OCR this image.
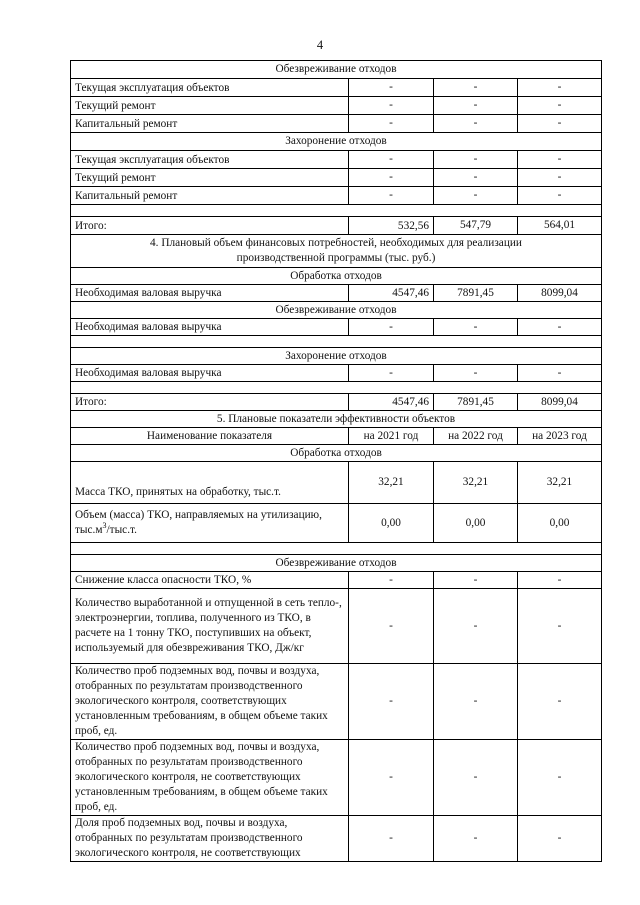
4
Обезвреживание отходов			
Текущая эксплуатация объектов	-	-	-
Текущий ремонт	-	-	-
Капитальный ремонт	-	-	-
Захоронение отходов			
Текущая эксплуатация объектов	-	-	-
Текущий ремонт	-	-	-
Капитальный ремонт	-	-	-

Итого:	532,56	547,79	564,01
4. Плановый объем финансовых потребностей, необходимых для реализации производственной программы (тыс. руб.)			
Обработка отходов			
Необходимая валовая выручка	4547,46	7891,45	8099,04
Обезвреживание отходов			
Необходимая валовая выручка	-	-	-

Захоронение отходов			
Необходимая валовая выручка	-	-	-

Итого:	4547,46	7891,45	8099,04
5. Плановые показатели эффективности объектов			
Наименование показателя	на 2021 год	на 2022 год	на 2023 год
Обработка отходов			
Масса ТКО, принятых на обработку, тыс.т.	32,21	32,21	32,21
Объем (масса) ТКО, направляемых на утилизацию, $тыс.м^3/тыс.т$.	0,00	0,00	0,00

Обезвреживание отходов			
Снижение класса опасности ТКО, %	-	-	-
Количество выработанной и отпущенной в сеть тепло-, электроэнергии, топлива, полученного из ТКО, в расчете на 1 тонну ТКО, поступивших на объект, используемый для обезвреживания ТКО, Дж/кг	-	-	-
Количество проб подземных вод, почвы и воздуха, отобранных по результатам производственного экологического контроля, соответствующих установленным требованиям, в общем объеме таких проб, ед.	-	-	-
Количество проб подземных вод, почвы и воздуха, отобранных по результатам производственного экологического контроля, не соответствующих установленным требованиям, в общем объеме таких проб, ед.	-	-	-
Доля проб подземных вод, почвы и воздуха, отобранных по результатам производственного экологического контроля, не соответствующих	-	-	-
